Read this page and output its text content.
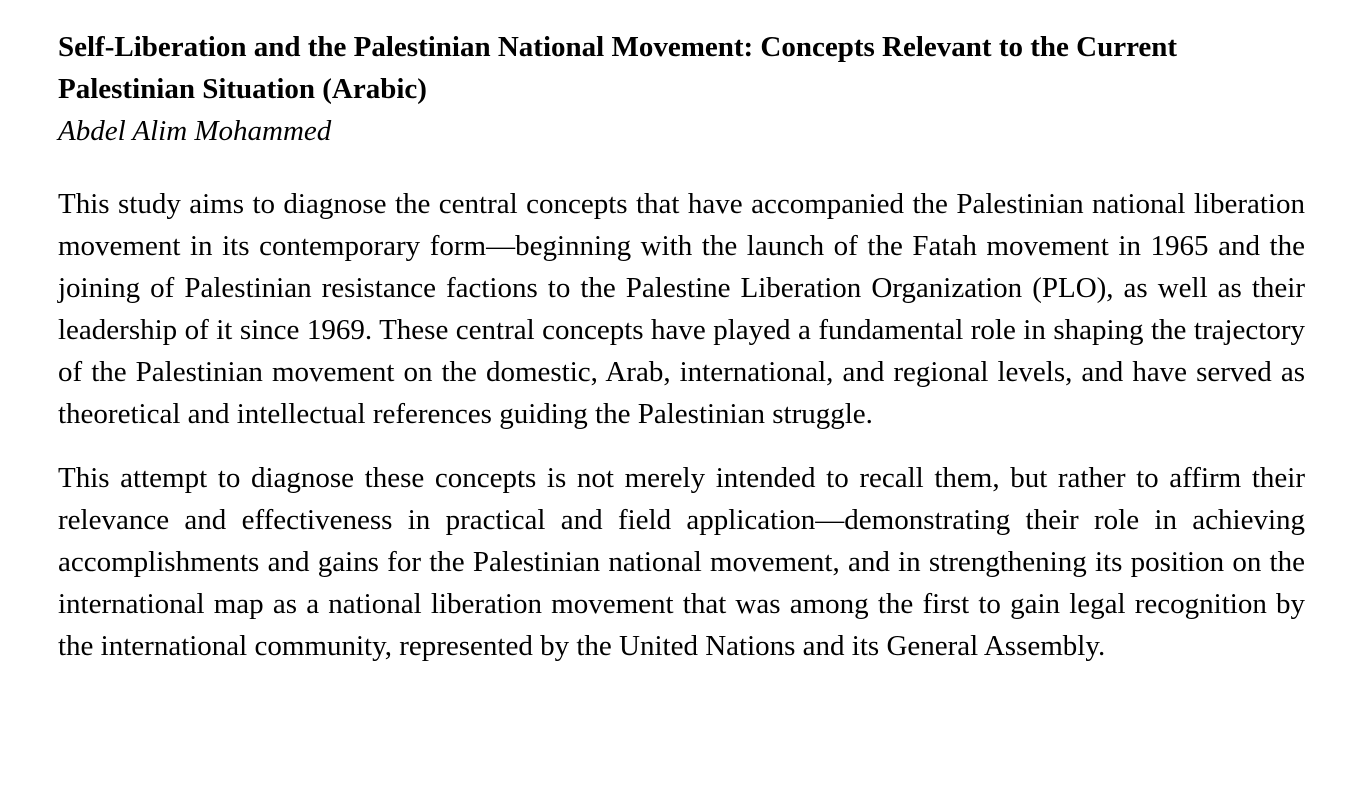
Self-Liberation and the Palestinian National Movement: Concepts Relevant to the Current Palestinian Situation (Arabic)

Abdel Alim Mohammed

This study aims to diagnose the central concepts that have accompanied the Palestinian national liberation movement in its contemporary form—beginning with the launch of the Fatah movement in 1965 and the joining of Palestinian resistance factions to the Palestine Liberation Organization (PLO), as well as their leadership of it since 1969. These central concepts have played a fundamental role in shaping the trajectory of the Palestinian movement on the domestic, Arab, international, and regional levels, and have served as theoretical and intellectual references guiding the Palestinian struggle.

This attempt to diagnose these concepts is not merely intended to recall them, but rather to affirm their relevance and effectiveness in practical and field application—demonstrating their role in achieving accomplishments and gains for the Palestinian national movement, and in strengthening its position on the international map as a national liberation movement that was among the first to gain legal recognition by the international community, represented by the United Nations and its General Assembly.
